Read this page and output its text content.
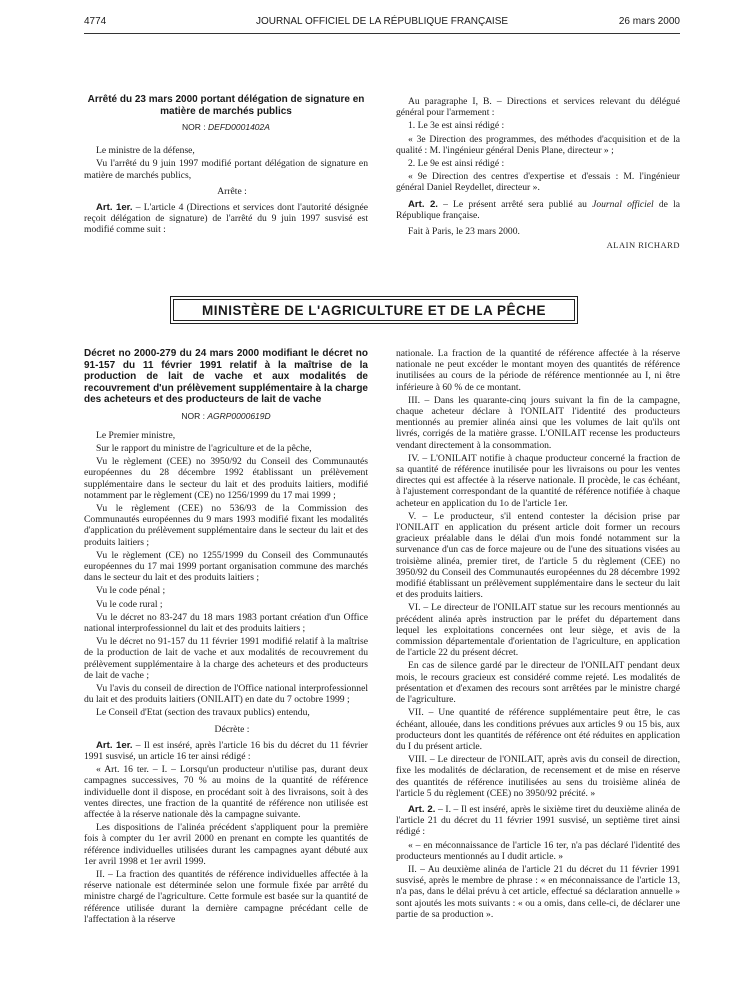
4774	JOURNAL OFFICIEL DE LA RÉPUBLIQUE FRANÇAISE	26 mars 2000
Arrêté du 23 mars 2000 portant délégation de signature en matière de marchés publics
NOR : DEFD0001402A

Le ministre de la défense,

Vu l'arrêté du 9 juin 1997 modifié portant délégation de signature en matière de marchés publics,

Arrête :

Art. 1er. – L'article 4 (Directions et services dont l'autorité désignée reçoit délégation de signature) de l'arrêté du 9 juin 1997 susvisé est modifié comme suit :

Au paragraphe I, B. – Directions et services relevant du délégué général pour l'armement :

1. Le 3e est ainsi rédigé :

« 3e Direction des programmes, des méthodes d'acquisition et de la qualité : M. l'ingénieur général Denis Plane, directeur » ;

2. Le 9e est ainsi rédigé :

« 9e Direction des centres d'expertise et d'essais : M. l'ingénieur général Daniel Reydellet, directeur ».

Art. 2. – Le présent arrêté sera publié au Journal officiel de la République française.

Fait à Paris, le 23 mars 2000.

ALAIN RICHARD
MINISTÈRE DE L'AGRICULTURE ET DE LA PÊCHE
Décret no 2000-279 du 24 mars 2000 modifiant le décret no 91-157 du 11 février 1991 relatif à la maîtrise de la production de lait de vache et aux modalités de recouvrement d'un prélèvement supplémentaire à la charge des acheteurs et des producteurs de lait de vache
NOR : AGRP0000619D

Le Premier ministre,

Sur le rapport du ministre de l'agriculture et de la pêche,

Vu le règlement (CEE) no 3950/92 du Conseil des Communautés européennes du 28 décembre 1992 établissant un prélèvement supplémentaire dans le secteur du lait et des produits laitiers, modifié notamment par le règlement (CE) no 1256/1999 du 17 mai 1999 ;

Vu le règlement (CEE) no 536/93 de la Commission des Communautés européennes du 9 mars 1993 modifié fixant les modalités d'application du prélèvement supplémentaire dans le secteur du lait et des produits laitiers ;

Vu le règlement (CE) no 1255/1999 du Conseil des Communautés européennes du 17 mai 1999 portant organisation commune des marchés dans le secteur du lait et des produits laitiers ;

Vu le code pénal ;

Vu le code rural ;

Vu le décret no 83-247 du 18 mars 1983 portant création d'un Office national interprofessionnel du lait et des produits laitiers ;

Vu le décret no 91-157 du 11 février 1991 modifié relatif à la maîtrise de la production de lait de vache et aux modalités de recouvrement du prélèvement supplémentaire à la charge des acheteurs et des producteurs de lait de vache ;

Vu l'avis du conseil de direction de l'Office national interprofessionnel du lait et des produits laitiers (ONILAIT) en date du 7 octobre 1999 ;

Le Conseil d'Etat (section des travaux publics) entendu,

Décrète :

Art. 1er. – Il est inséré, après l'article 16 bis du décret du 11 février 1991 susvisé, un article 16 ter ainsi rédigé :

« Art. 16 ter. – I. – Lorsqu'un producteur n'utilise pas, durant deux campagnes successives, 70 % au moins de la quantité de référence individuelle dont il dispose, en procédant soit à des livraisons, soit à des ventes directes, une fraction de la quantité de référence non utilisée est affectée à la réserve nationale dès la campagne suivante.

Les dispositions de l'alinéa précédent s'appliquent pour la première fois à compter du 1er avril 2000 en prenant en compte les quantités de référence individuelles utilisées durant les campagnes ayant débuté aux 1er avril 1998 et 1er avril 1999.

II. – La fraction des quantités de référence individuelles affectée à la réserve nationale est déterminée selon une formule fixée par arrêté du ministre chargé de l'agriculture. Cette formule est basée sur la quantité de référence utilisée durant la dernière campagne précédant celle de l'affectation à la réserve

nationale. La fraction de la quantité de référence affectée à la réserve nationale ne peut excéder le montant moyen des quantités de référence inutilisées au cours de la période de référence mentionnée au I, ni être inférieure à 60 % de ce montant.

III. – Dans les quarante-cinq jours suivant la fin de la campagne, chaque acheteur déclare à l'ONILAIT l'identité des producteurs mentionnés au premier alinéa ainsi que les volumes de lait qu'ils ont livrés, corrigés de la matière grasse. L'ONILAIT recense les producteurs vendant directement à la consommation.

IV. – L'ONILAIT notifie à chaque producteur concerné la fraction de sa quantité de référence inutilisée pour les livraisons ou pour les ventes directes qui est affectée à la réserve nationale. Il procède, le cas échéant, à l'ajustement correspondant de la quantité de référence notifiée à chaque acheteur en application du 1o de l'article 1er.

V. – Le producteur, s'il entend contester la décision prise par l'ONILAIT en application du présent article doit former un recours gracieux préalable dans le délai d'un mois fondé notamment sur la survenance d'un cas de force majeure ou de l'une des situations visées au troisième alinéa, premier tiret, de l'article 5 du règlement (CEE) no 3950/92 du Conseil des Communautés européennes du 28 décembre 1992 modifié établissant un prélèvement supplémentaire dans le secteur du lait et des produits laitiers.

VI. – Le directeur de l'ONILAIT statue sur les recours mentionnés au précédent alinéa après instruction par le préfet du département dans lequel les exploitations concernées ont leur siège, et avis de la commission départementale d'orientation de l'agriculture, en application de l'article 22 du présent décret.

En cas de silence gardé par le directeur de l'ONILAIT pendant deux mois, le recours gracieux est considéré comme rejeté. Les modalités de présentation et d'examen des recours sont arrêtées par le ministre chargé de l'agriculture.

VII. – Une quantité de référence supplémentaire peut être, le cas échéant, allouée, dans les conditions prévues aux articles 9 ou 15 bis, aux producteurs dont les quantités de référence ont été réduites en application du I du présent article.

VIII. – Le directeur de l'ONILAIT, après avis du conseil de direction, fixe les modalités de déclaration, de recensement et de mise en réserve des quantités de référence inutilisées au sens du troisième alinéa de l'article 5 du règlement (CEE) no 3950/92 précité. »

Art. 2. – I. – Il est inséré, après le sixième tiret du deuxième alinéa de l'article 21 du décret du 11 février 1991 susvisé, un septième tiret ainsi rédigé :

« – en méconnaissance de l'article 16 ter, n'a pas déclaré l'identité des producteurs mentionnés au I dudit article. »

II. – Au deuxième alinéa de l'article 21 du décret du 11 février 1991 susvisé, après le membre de phrase : « en méconnaissance de l'article 13, n'a pas, dans le délai prévu à cet article, effectué sa déclaration annuelle » sont ajoutés les mots suivants : « ou a omis, dans celle-ci, de déclarer une partie de sa production ».
